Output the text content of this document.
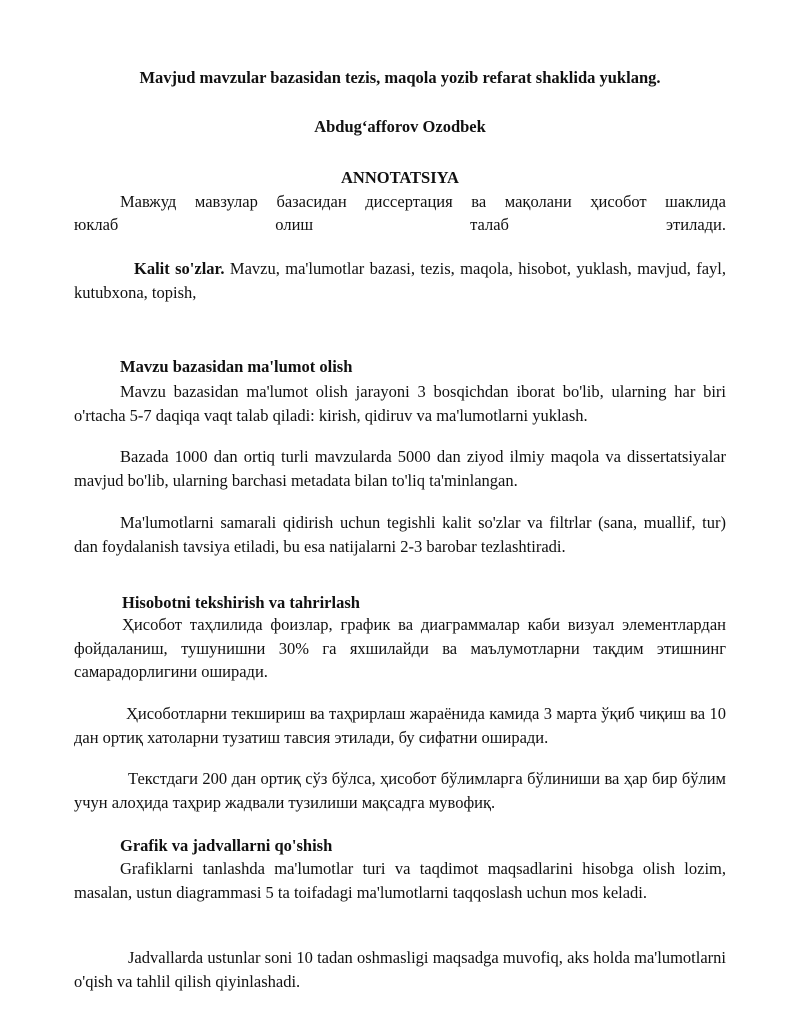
Mavjud mavzular bazasidan tezis, maqola yozib refarat shaklida yuklang.

Abdug‘afforov Ozodbek

ANNOTATSIYA

Мавжуд мавзулар базасидан диссертация ва мақолани ҳисобот шаклида

юклаб олиш талаб этилади.

Kalit so'zlar. Mavzu, ma'lumotlar bazasi, tezis, maqola, hisobot, yuklash, mavjud, fayl, kutubxona, topish,

Mavzu bazasidan ma'lumot olish

Mavzu bazasidan ma'lumot olish jarayoni 3 bosqichdan iborat bo'lib, ularning har biri o'rtacha 5-7 daqiqa vaqt talab qiladi: kirish, qidiruv va ma'lumotlarni yuklash.

Bazada 1000 dan ortiq turli mavzularda 5000 dan ziyod ilmiy maqola va dissertatsiyalar mavjud bo'lib, ularning barchasi metadata bilan to'liq ta'minlangan.

Ma'lumotlarni samarali qidirish uchun tegishli kalit so'zlar va filtrlar (sana, muallif, tur) dan foydalanish tavsiya etiladi, bu esa natijalarni 2-3 barobar tezlashtiradi.

Hisobotni tekshirish va tahrirlash

Ҳисобот таҳлилида фоизлар, график ва диаграммалар каби визуал элементлардан фойдаланиш, тушунишни 30% га яхшилайди ва маълумотларни тақдим этишнинг самарадорлигини оширади.

Ҳисоботларни текшириш ва таҳрирлаш жараёнида камида 3 марта ўқиб чиқиш ва 10 дан ортиқ хатоларни тузатиш тавсия этилади, бу сифатни оширади.

Текстдаги 200 дан ортиқ сўз бўлса, ҳисобот бўлимларга бўлиниши ва ҳар бир бўлим учун алоҳида таҳрир жадвали тузилиши мақсадга мувофиқ.

Grafik va jadvallarni qo'shish

Grafiklarni tanlashda ma'lumotlar turi va taqdimot maqsadlarini hisobga olish lozim, masalan, ustun diagrammasi 5 ta toifadagi ma'lumotlarni taqqoslash uchun mos keladi.

Jadvallarda ustunlar soni 10 tadan oshmasligi maqsadga muvofiq, aks holda ma'lumotlarni o'qish va tahlil qilish qiyinlashadi.
